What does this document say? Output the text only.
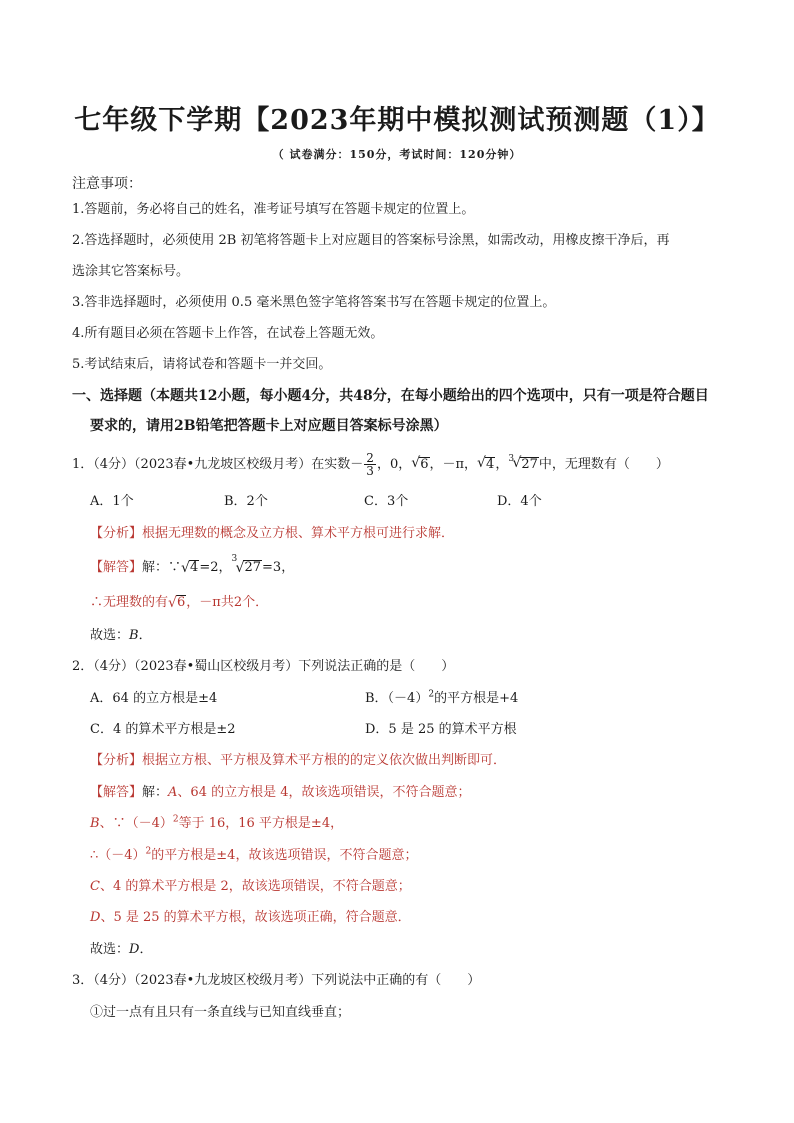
七年级下学期【2023年期中模拟测试预测题（1）】
（ 试卷满分：150分，考试时间：120分钟）
注意事项：
1.答题前，务必将自己的姓名，准考证号填写在答题卡规定的位置上。
2.答选择题时，必须使用 2B 初笔将答题卡上对应题目的答案标号涂黑，如需改动，用橡皮擦干净后，再
选涂其它答案标号。
3.答非选择题时，必须使用 0.5 毫米黑色签字笔将答案书写在答题卡规定的位置上。
4.所有题目必须在答题卡上作答，在试卷上答题无效。
5.考试结束后，请将试卷和答题卡一并交回。
一、选择题（本题共12小题，每小题4分，共48分，在每小题给出的四个选项中，只有一项是符合题目
要求的，请用2B铅笔把答题卡上对应题目答案标号涂黑）
1．（4分）（2023春•九龙坡区校级月考）在实数－ $\frac{2}{3}$ ，0， √ 6，－π， √ 4， 3
√ 27中，无理数有（　　）
A．1个	B．2个	C．3个	D．4个
【分析】根据无理数的概念及立方根、算术平方根可进行求解．
【解答】解：∵ √ 4=2，
3
√ 27=3，
∴无理数的有 √ 6，－π共2个．
故选：B．
2．（4分）（2023春•蜀山区校级月考）下列说法正确的是（　　）
A．64 的立方根是±4	B．$(-4)^2$的平方根是+4
C．4 的算术平方根是±2	D．5 是 25 的算术平方根
【分析】根据立方根、平方根及算术平方根的的定义依次做出判断即可．
【解答】解：A、64 的立方根是 4，故该选项错误，不符合题意；
B、$\because(-4)^2$等于 16，16 平方根是±4，
$\therefore(-4)^2$的平方根是±4，故该选项错误，不符合题意；
C、4 的算术平方根是 2，故该选项错误，不符合题意；
D、5 是 25 的算术平方根，故该选项正确，符合题意．
故选：D．
3．（4分）（2023春•九龙坡区校级月考）下列说法中正确的有（　　）
①过一点有且只有一条直线与已知直线垂直；
